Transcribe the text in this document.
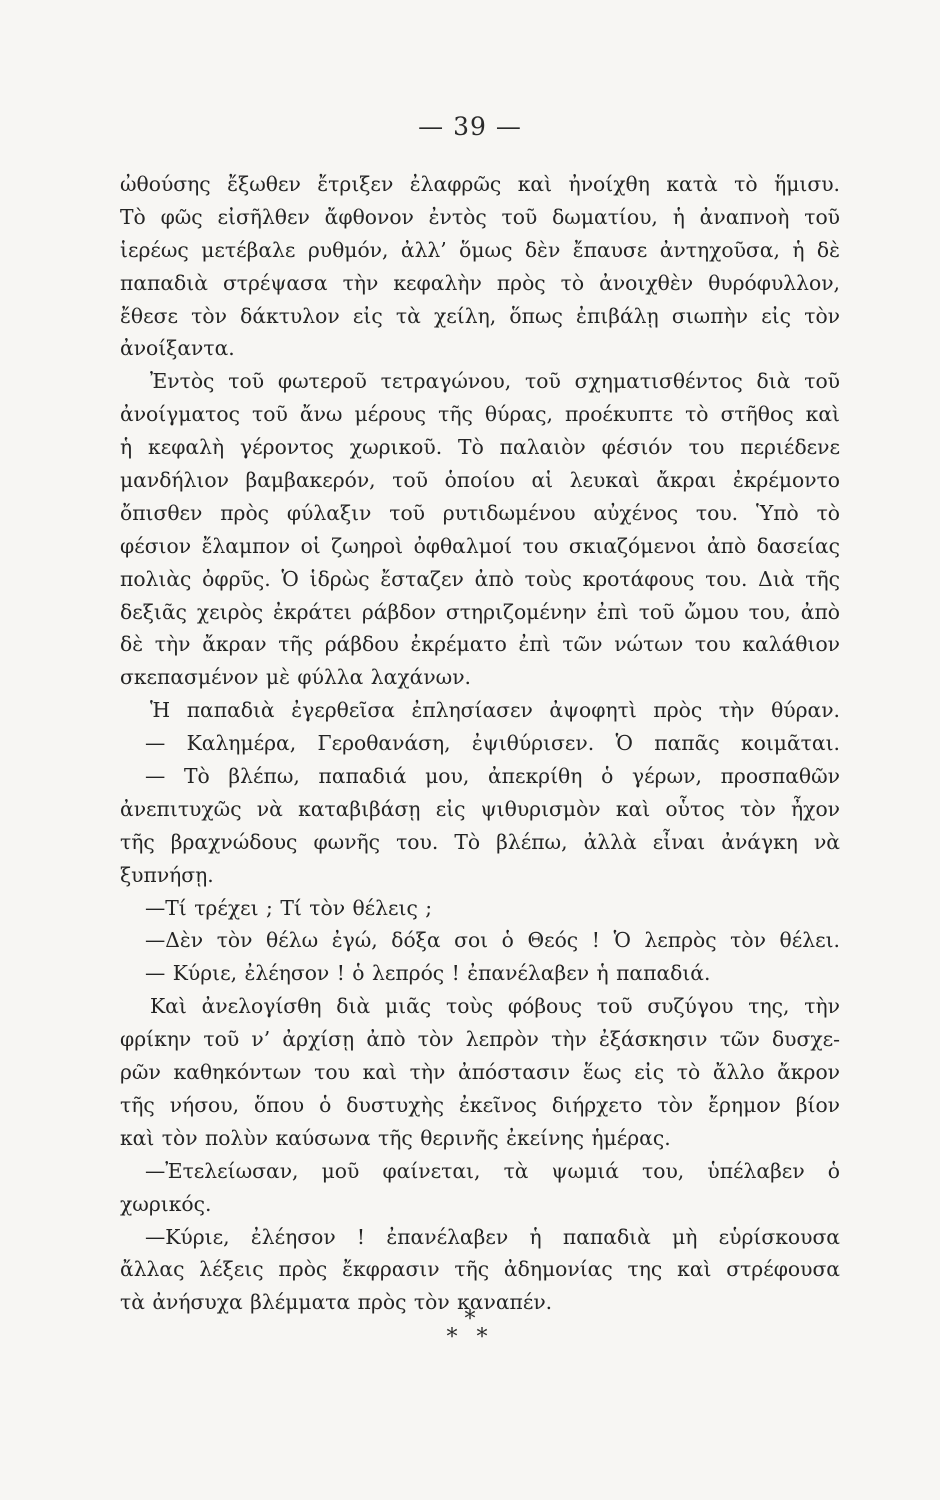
— 39 —
ὠθούσης ἔξωθεν ἔτριξεν ἐλαφρῶς καὶ ἠνοίχθη κατὰ τὸ ἥμισυ.
Τὸ φῶς εἰσῆλθεν ἄφθονον ἐντὸς τοῦ δωματίου, ἡ ἀναπνοὴ τοῦ
ἱερέως μετέβαλε ρυθμόν, ἀλλ’ ὅμως δὲν ἔπαυσε ἀντηχοῦσα, ἡ δὲ
παπαδιὰ στρέψασα τὴν κεφαλὴν πρὸς τὸ ἀνοιχθὲν θυρόφυλλον,
ἔθεσε τὸν δάκτυλον εἰς τὰ χείλη, ὅπως ἐπιβάλῃ σιωπὴν εἰς τὸν
ἀνοίξαντα.
Ἐντὸς τοῦ φωτεροῦ τετραγώνου, τοῦ σχηματισθέντος διὰ τοῦ
ἀνοίγματος τοῦ ἄνω μέρους τῆς θύρας, προέκυπτε τὸ στῆθος καὶ
ἡ κεφαλὴ γέροντος χωρικοῦ. Τὸ παλαιὸν φέσιόν του περιέδενε
μανδήλιον βαμβακερόν, τοῦ ὁποίου αἱ λευκαὶ ἄκραι ἐκρέμοντο
ὄπισθεν πρὸς φύλαξιν τοῦ ρυτιδωμένου αὐχένος του. Ὑπὸ τὸ
φέσιον ἔλαμπον οἱ ζωηροὶ ὀφθαλμοί του σκιαζόμενοι ἀπὸ δασείας
πολιὰς ὀφρῦς. Ὁ ἱδρὼς ἔσταζεν ἀπὸ τοὺς κροτάφους του. Διὰ τῆς
δεξιᾶς χειρὸς ἐκράτει ράβδον στηριζομένην ἐπὶ τοῦ ὤμου του, ἀπὸ
δὲ τὴν ἄκραν τῆς ράβδου ἐκρέματο ἐπὶ τῶν νώτων του καλάθιον
σκεπασμένον μὲ φύλλα λαχάνων.
Ἡ παπαδιὰ ἐγερθεῖσα ἐπλησίασεν ἀψοφητὶ πρὸς τὴν θύραν.
— Καλημέρα, Γεροθανάση, ἐψιθύρισεν. Ὁ παπᾶς κοιμᾶται.
— Τὸ βλέπω, παπαδιά μου, ἀπεκρίθη ὁ γέρων, προσπαθῶν
ἀνεπιτυχῶς νὰ καταβιβάσῃ εἰς ψιθυρισμὸν καὶ οὗτος τὸν ἦχον
τῆς βραχνώδους φωνῆς του. Τὸ βλέπω, ἀλλὰ εἶναι ἀνάγκη νὰ
ξυπνήσῃ.
—Τί τρέχει ; Τί τὸν θέλεις ;
—Δὲν τὸν θέλω ἐγώ, δόξα σοι ὁ Θεός ! Ὁ λεπρὸς τὸν θέλει.
— Κύριε, ἐλέησον ! ὁ λεπρός ! ἐπανέλαβεν ἡ παπαδιά.
Καὶ ἀνελογίσθη διὰ μιᾶς τοὺς φόβους τοῦ συζύγου της, τὴν
φρίκην τοῦ ν’ ἀρχίσῃ ἀπὸ τὸν λεπρὸν τὴν ἐξάσκησιν τῶν δυσχε-
ρῶν καθηκόντων του καὶ τὴν ἀπόστασιν ἕως εἰς τὸ ἄλλο ἄκρον
τῆς νήσου, ὅπου ὁ δυστυχὴς ἐκεῖνος διήρχετο τὸν ἔρημον βίον
καὶ τὸν πολὺν καύσωνα τῆς θερινῆς ἐκείνης ἡμέρας.
—Ἐτελείωσαν, μοῦ φαίνεται, τὰ ψωμιά του, ὑπέλαβεν ὁ
χωρικός.
—Κύριε, ἐλέησον ! ἐπανέλαβεν ἡ παπαδιὰ μὴ εὑρίσκουσα
ἄλλας λέξεις πρὸς ἔκφρασιν τῆς ἀδημονίας της καὶ στρέφουσα
τὰ ἀνήσυχα βλέμματα πρὸς τὸν καναπέν.
*
* *
